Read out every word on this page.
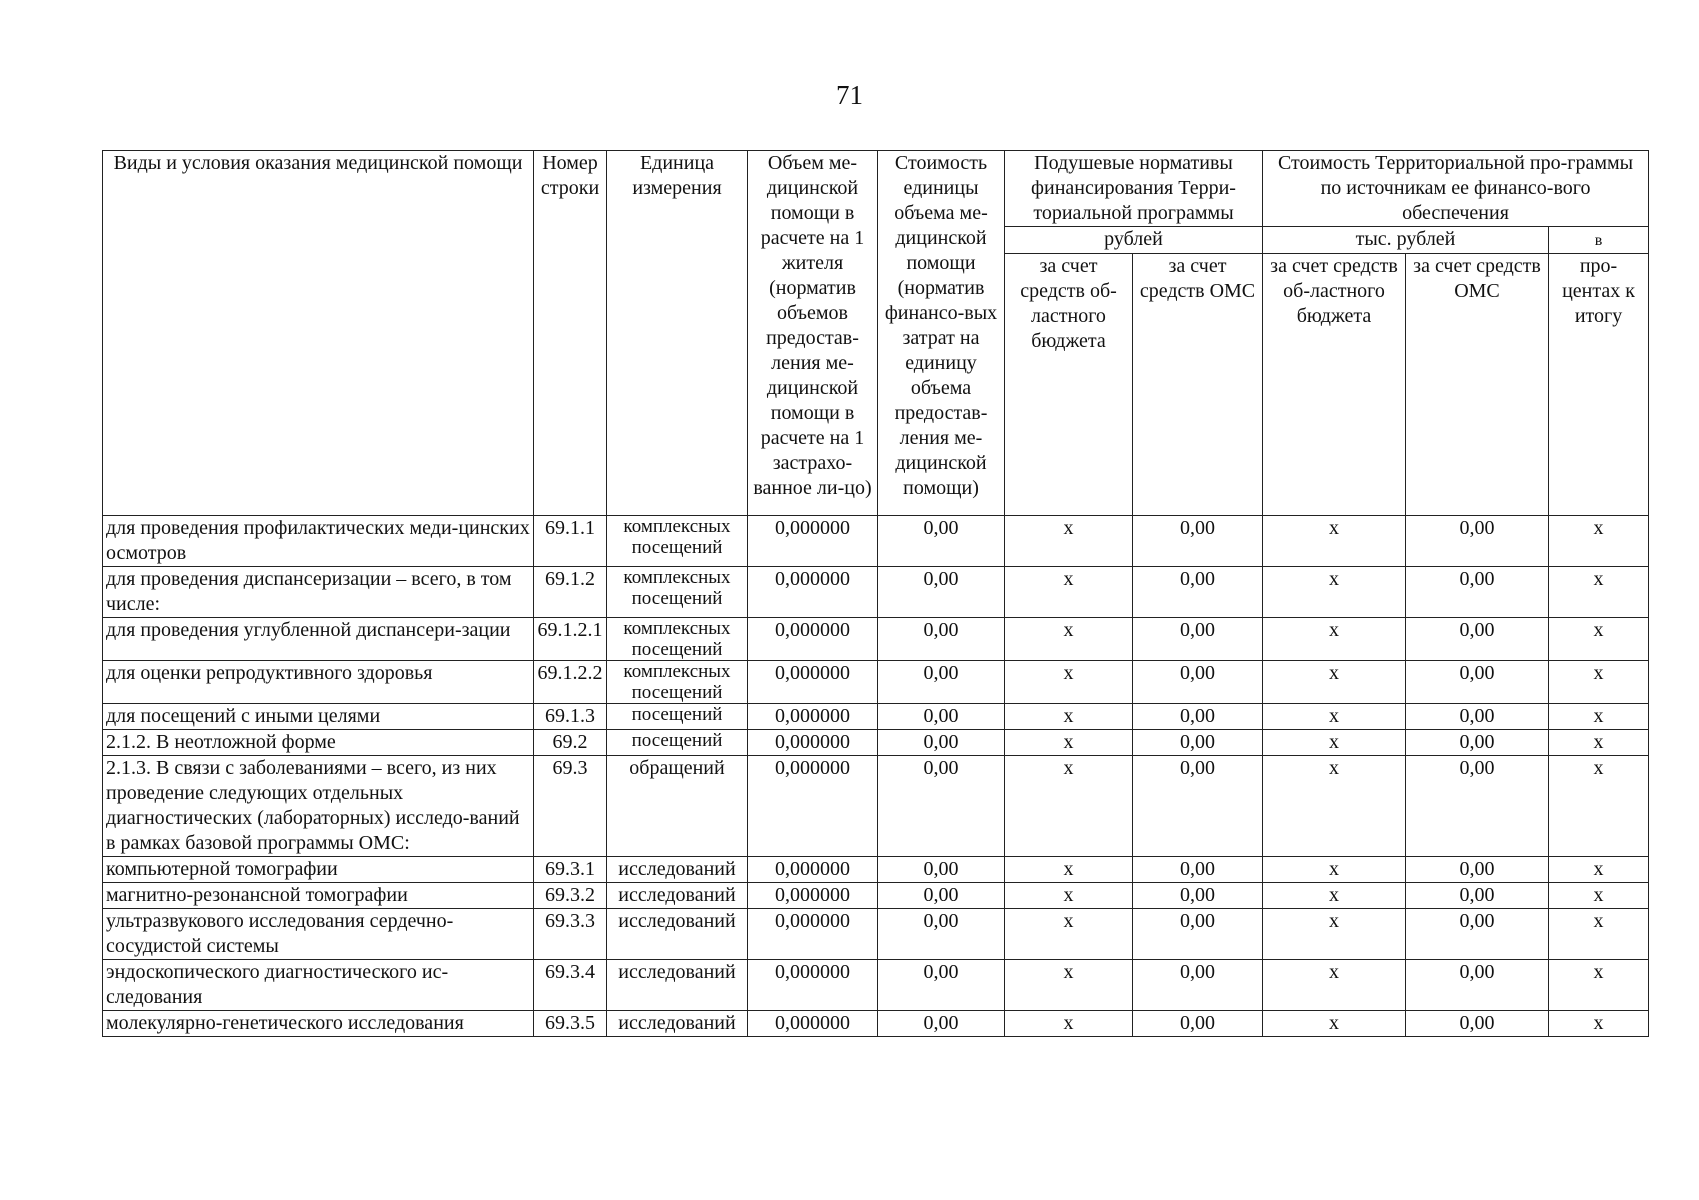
71
Виды и условия оказания медицинской помощи	Номер строки	Единица измерения	Объем ме-дицинской помощи в расчете на 1 жителя (норматив объемов предостав-ления ме-дицинской помощи в расчете на 1 застрахо-ванное ли-цо)	Стоимость единицы объема ме-дицинской помощи (норматив финансо-вых затрат на единицу объема предостав-ления ме-дицинской помощи)	Подушевые нормативы финансирования Терри-ториальной программы		Стоимость Территориальной про-граммы по источникам ее финансо-вого обеспечения		
					рублей		тыс. рублей		в
					за счет средств об-ластного бюджета	за счет средств ОМС	за счет средств об-ластного бюджета	за счет средств ОМС	про-центах к итогу
для проведения профилактических меди-цинских осмотров	69.1.1	комплексных посещений	0,000000	0,00	х	0,00	х	0,00	х
для проведения диспансеризации – всего, в том числе:	69.1.2	комплексных посещений	0,000000	0,00	х	0,00	х	0,00	х
для проведения углубленной диспансери-зации	69.1.2.1	комплексных посещений	0,000000	0,00	х	0,00	х	0,00	х
для оценки репродуктивного здоровья	69.1.2.2	комплексных посещений	0,000000	0,00	х	0,00	х	0,00	х
для посещений с иными целями	69.1.3	посещений	0,000000	0,00	х	0,00	х	0,00	х
2.1.2. В неотложной форме	69.2	посещений	0,000000	0,00	х	0,00	х	0,00	х
2.1.3. В связи с заболеваниями – всего, из них проведение следующих отдельных диагностических (лабораторных) исследо-ваний в рамках базовой программы ОМС:	69.3	обращений	0,000000	0,00	х	0,00	х	0,00	х
компьютерной томографии	69.3.1	исследований	0,000000	0,00	х	0,00	х	0,00	х
магнитно-резонансной томографии	69.3.2	исследований	0,000000	0,00	х	0,00	х	0,00	х
ультразвукового исследования сердечно-сосудистой системы	69.3.3	исследований	0,000000	0,00	х	0,00	х	0,00	х
эндоскопического диагностического ис-следования	69.3.4	исследований	0,000000	0,00	х	0,00	х	0,00	х
молекулярно-генетического исследования	69.3.5	исследований	0,000000	0,00	х	0,00	х	0,00	х
